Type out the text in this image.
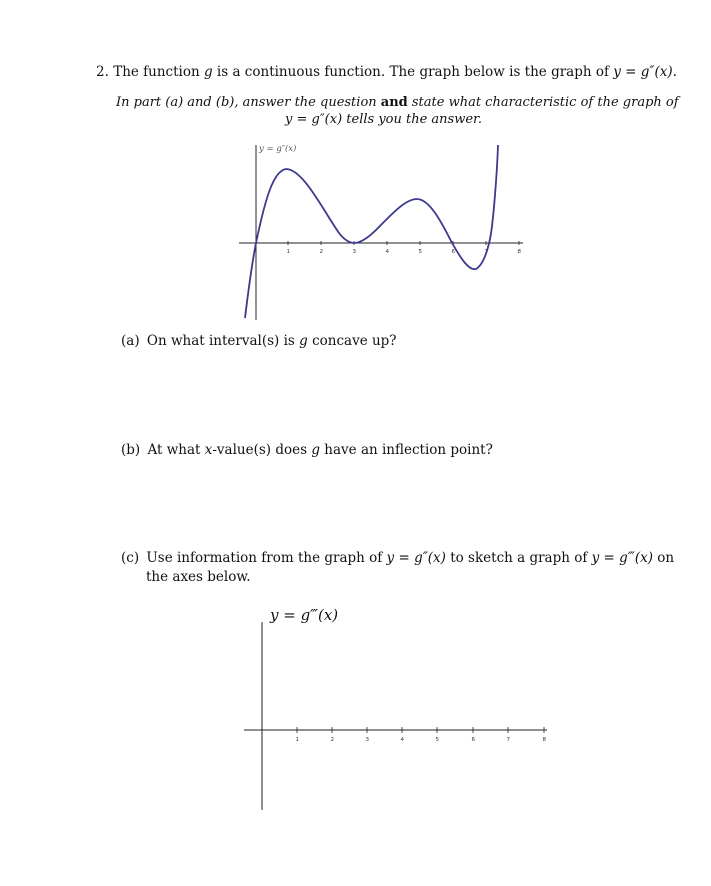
2. The function g is a continuous function. The graph below is the graph of y = g″(x).
In part (a) and (b), answer the question and state what characteristic of the graph of
y = g″(x) tells you the answer.
1	2	3	4	5	6	7	8
y = g″(x)
(a) On what interval(s) is g concave up?
(b) At what x-value(s) does g have an inflection point?
(c) Use information from the graph of y = g″(x) to sketch a graph of y = g‴(x) on
the axes below.
y = g‴(x)
1	2	3	4	5	6	7	8
